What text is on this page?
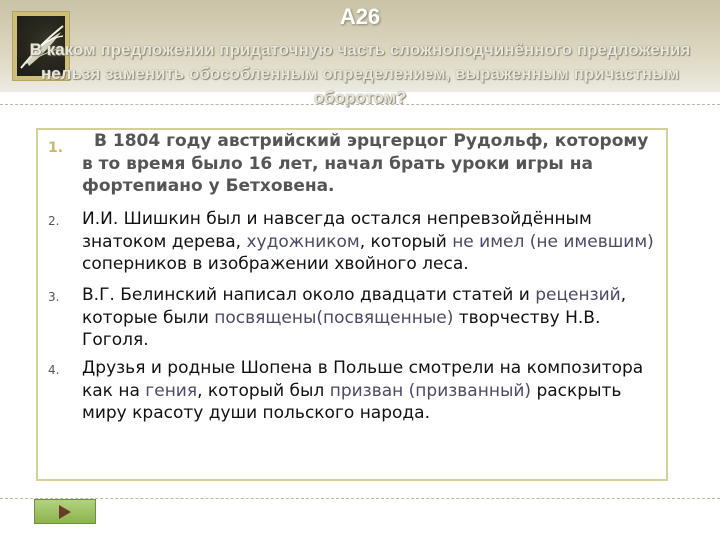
A26
В каком предложении придаточную часть сложноподчинённого предложения нельзя заменить обособленным определением, выраженным причастным оборотом?
1.	В 1804 году австрийский эрцгерцог Рудольф, которому в то время было 16 лет, начал брать уроки игры на фортепиано у Бетховена.
2. И.И. Шишкин был и навсегда остался непревзойдённым знатоком дерева, художником, который не имел (не имевшим) соперников в изображении хвойного леса.
3. В.Г. Белинский написал около двадцати статей и рецензий, которые были посвящены(посвященные) творчеству Н.В. Гоголя.
4. Друзья и родные Шопена в Польше смотрели на композитора как на гения, который был призван (призванный) раскрыть миру красоту души польского народа.
